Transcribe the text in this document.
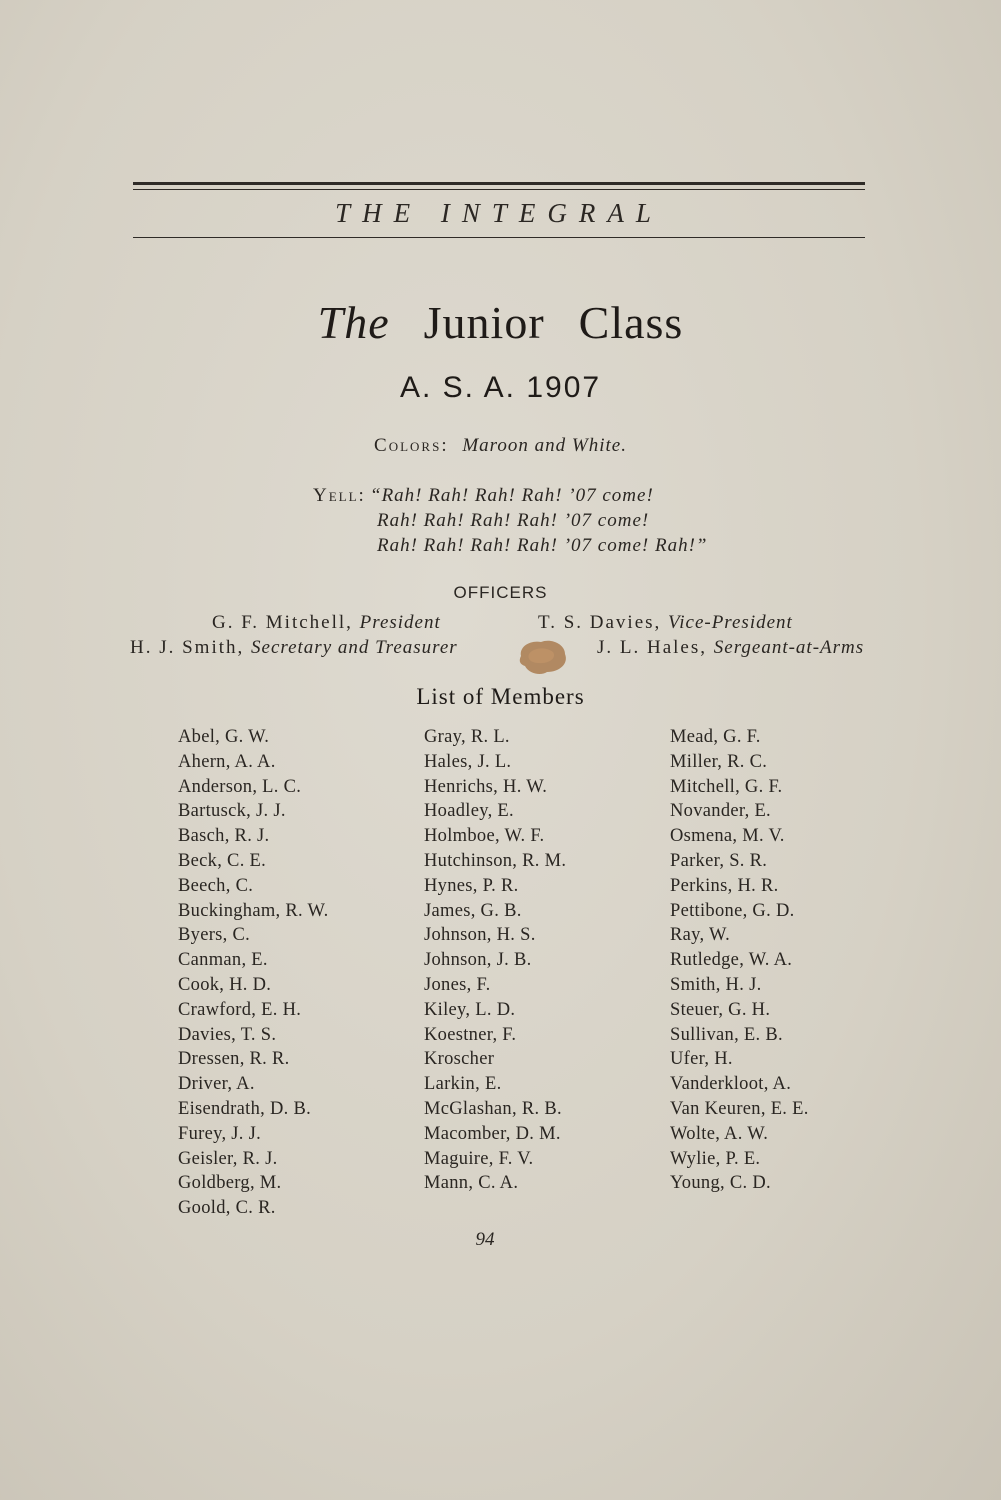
THE INTEGRAL
The Junior Class
A. S. A. 1907
Colors: Maroon and White.
Yell: “Rah! Rah! Rah! Rah! ’07 come!
Rah! Rah! Rah! Rah! ’07 come!
Rah! Rah! Rah! Rah! ’07 come! Rah!”
OFFICERS
G. F. Mitchell, President	T. S. Davies, Vice-President
H. J. Smith, Secretary and Treasurer	J. L. Hales, Sergeant-at-Arms
List of Members
Abel, G. W.
Ahern, A. A.
Anderson, L. C.
Bartusck, J. J.
Basch, R. J.
Beck, C. E.
Beech, C.
Buckingham, R. W.
Byers, C.
Canman, E.
Cook, H. D.
Crawford, E. H.
Davies, T. S.
Dressen, R. R.
Driver, A.
Eisendrath, D. B.
Furey, J. J.
Geisler, R. J.
Goldberg, M.
Goold, C. R.
Gray, R. L.
Hales, J. L.
Henrichs, H. W.
Hoadley, E.
Holmboe, W. F.
Hutchinson, R. M.
Hynes, P. R.
James, G. B.
Johnson, H. S.
Johnson, J. B.
Jones, F.
Kiley, L. D.
Koestner, F.
Kroscher
Larkin, E.
McGlashan, R. B.
Macomber, D. M.
Maguire, F. V.
Mann, C. A.
Mead, G. F.
Miller, R. C.
Mitchell, G. F.
Novander, E.
Osmena, M. V.
Parker, S. R.
Perkins, H. R.
Pettibone, G. D.
Ray, W.
Rutledge, W. A.
Smith, H. J.
Steuer, G. H.
Sullivan, E. B.
Ufer, H.
Vanderkloot, A.
Van Keuren, E. E.
Wolte, A. W.
Wylie, P. E.
Young, C. D.
94
